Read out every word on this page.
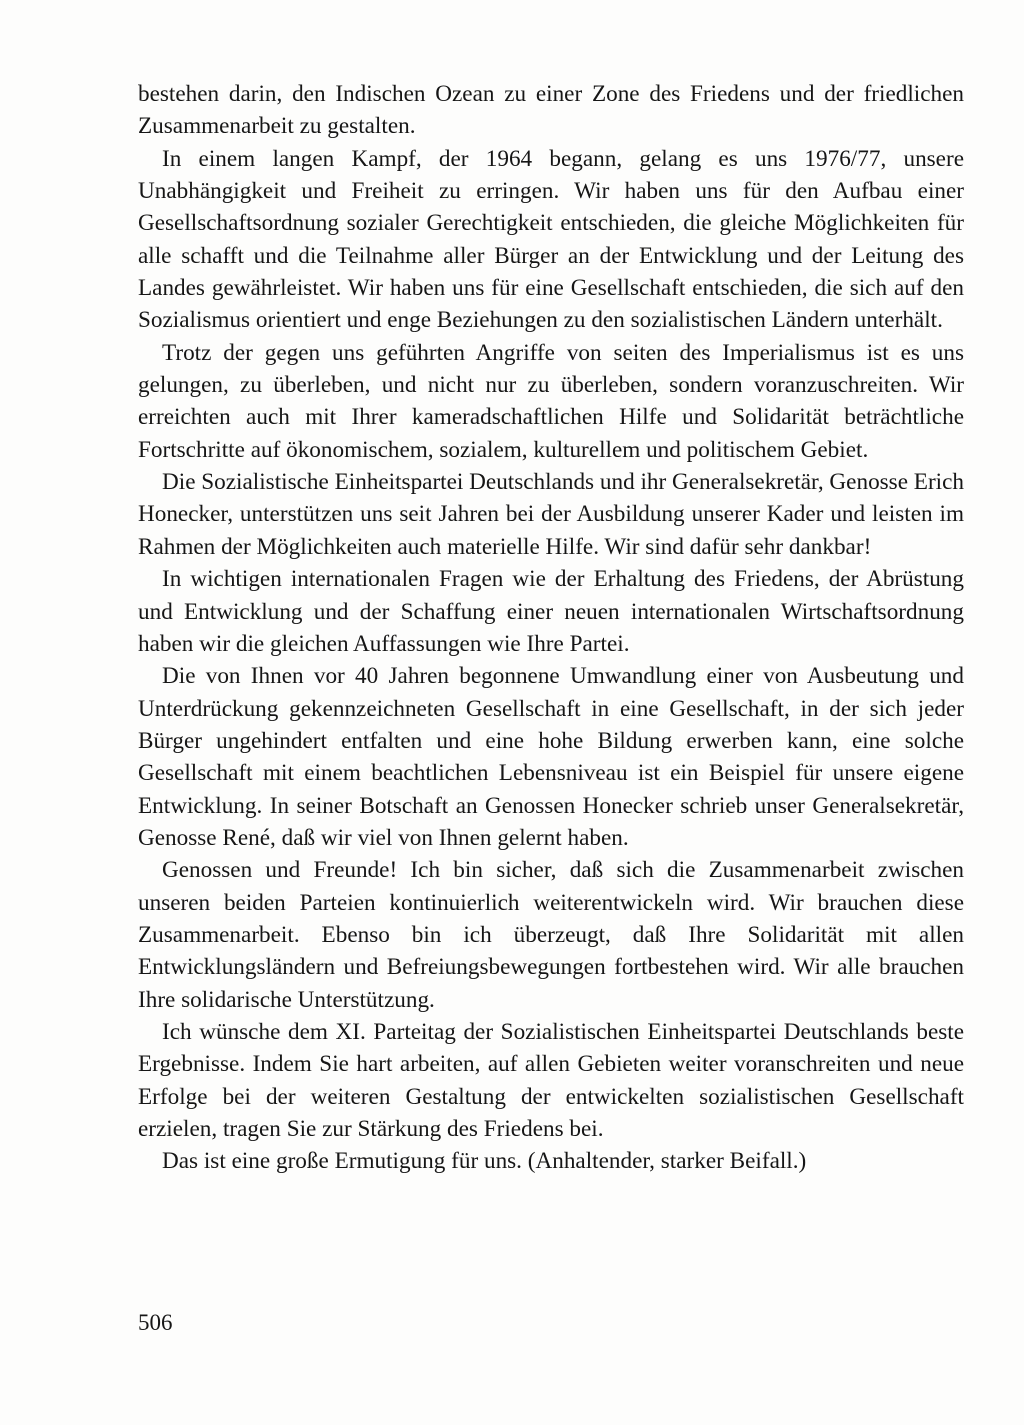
bestehen darin, den Indischen Ozean zu einer Zone des Friedens und der friedlichen Zusammenarbeit zu gestalten.

In einem langen Kampf, der 1964 begann, gelang es uns 1976/77, unsere Unabhängigkeit und Freiheit zu erringen. Wir haben uns für den Aufbau einer Gesellschaftsordnung sozialer Gerechtigkeit entschieden, die gleiche Möglichkeiten für alle schafft und die Teilnahme aller Bürger an der Entwicklung und der Leitung des Landes gewährleistet. Wir haben uns für eine Gesellschaft entschieden, die sich auf den Sozialismus orientiert und enge Beziehungen zu den sozialistischen Ländern unterhält.

Trotz der gegen uns geführten Angriffe von seiten des Imperialismus ist es uns gelungen, zu überleben, und nicht nur zu überleben, sondern voranzuschreiten. Wir erreichten auch mit Ihrer kameradschaftlichen Hilfe und Solidarität beträchtliche Fortschritte auf ökonomischem, sozialem, kulturellem und politischem Gebiet.

Die Sozialistische Einheitspartei Deutschlands und ihr Generalsekretär, Genosse Erich Honecker, unterstützen uns seit Jahren bei der Ausbildung unserer Kader und leisten im Rahmen der Möglichkeiten auch materielle Hilfe. Wir sind dafür sehr dankbar!

In wichtigen internationalen Fragen wie der Erhaltung des Friedens, der Abrüstung und Entwicklung und der Schaffung einer neuen internationalen Wirtschaftsordnung haben wir die gleichen Auffassungen wie Ihre Partei.

Die von Ihnen vor 40 Jahren begonnene Umwandlung einer von Ausbeutung und Unterdrückung gekennzeichneten Gesellschaft in eine Gesellschaft, in der sich jeder Bürger ungehindert entfalten und eine hohe Bildung erwerben kann, eine solche Gesellschaft mit einem beachtlichen Lebensniveau ist ein Beispiel für unsere eigene Entwicklung. In seiner Botschaft an Genossen Honecker schrieb unser Generalsekretär, Genosse René, daß wir viel von Ihnen gelernt haben.

Genossen und Freunde! Ich bin sicher, daß sich die Zusammenarbeit zwischen unseren beiden Parteien kontinuierlich weiterentwickeln wird. Wir brauchen diese Zusammenarbeit. Ebenso bin ich überzeugt, daß Ihre Solidarität mit allen Entwicklungsländern und Befreiungsbewegungen fortbestehen wird. Wir alle brauchen Ihre solidarische Unterstützung.

Ich wünsche dem XI. Parteitag der Sozialistischen Einheitspartei Deutschlands beste Ergebnisse. Indem Sie hart arbeiten, auf allen Gebieten weiter voranschreiten und neue Erfolge bei der weiteren Gestaltung der entwickelten sozialistischen Gesellschaft erzielen, tragen Sie zur Stärkung des Friedens bei.

Das ist eine große Ermutigung für uns. (Anhaltender, starker Beifall.)

506
